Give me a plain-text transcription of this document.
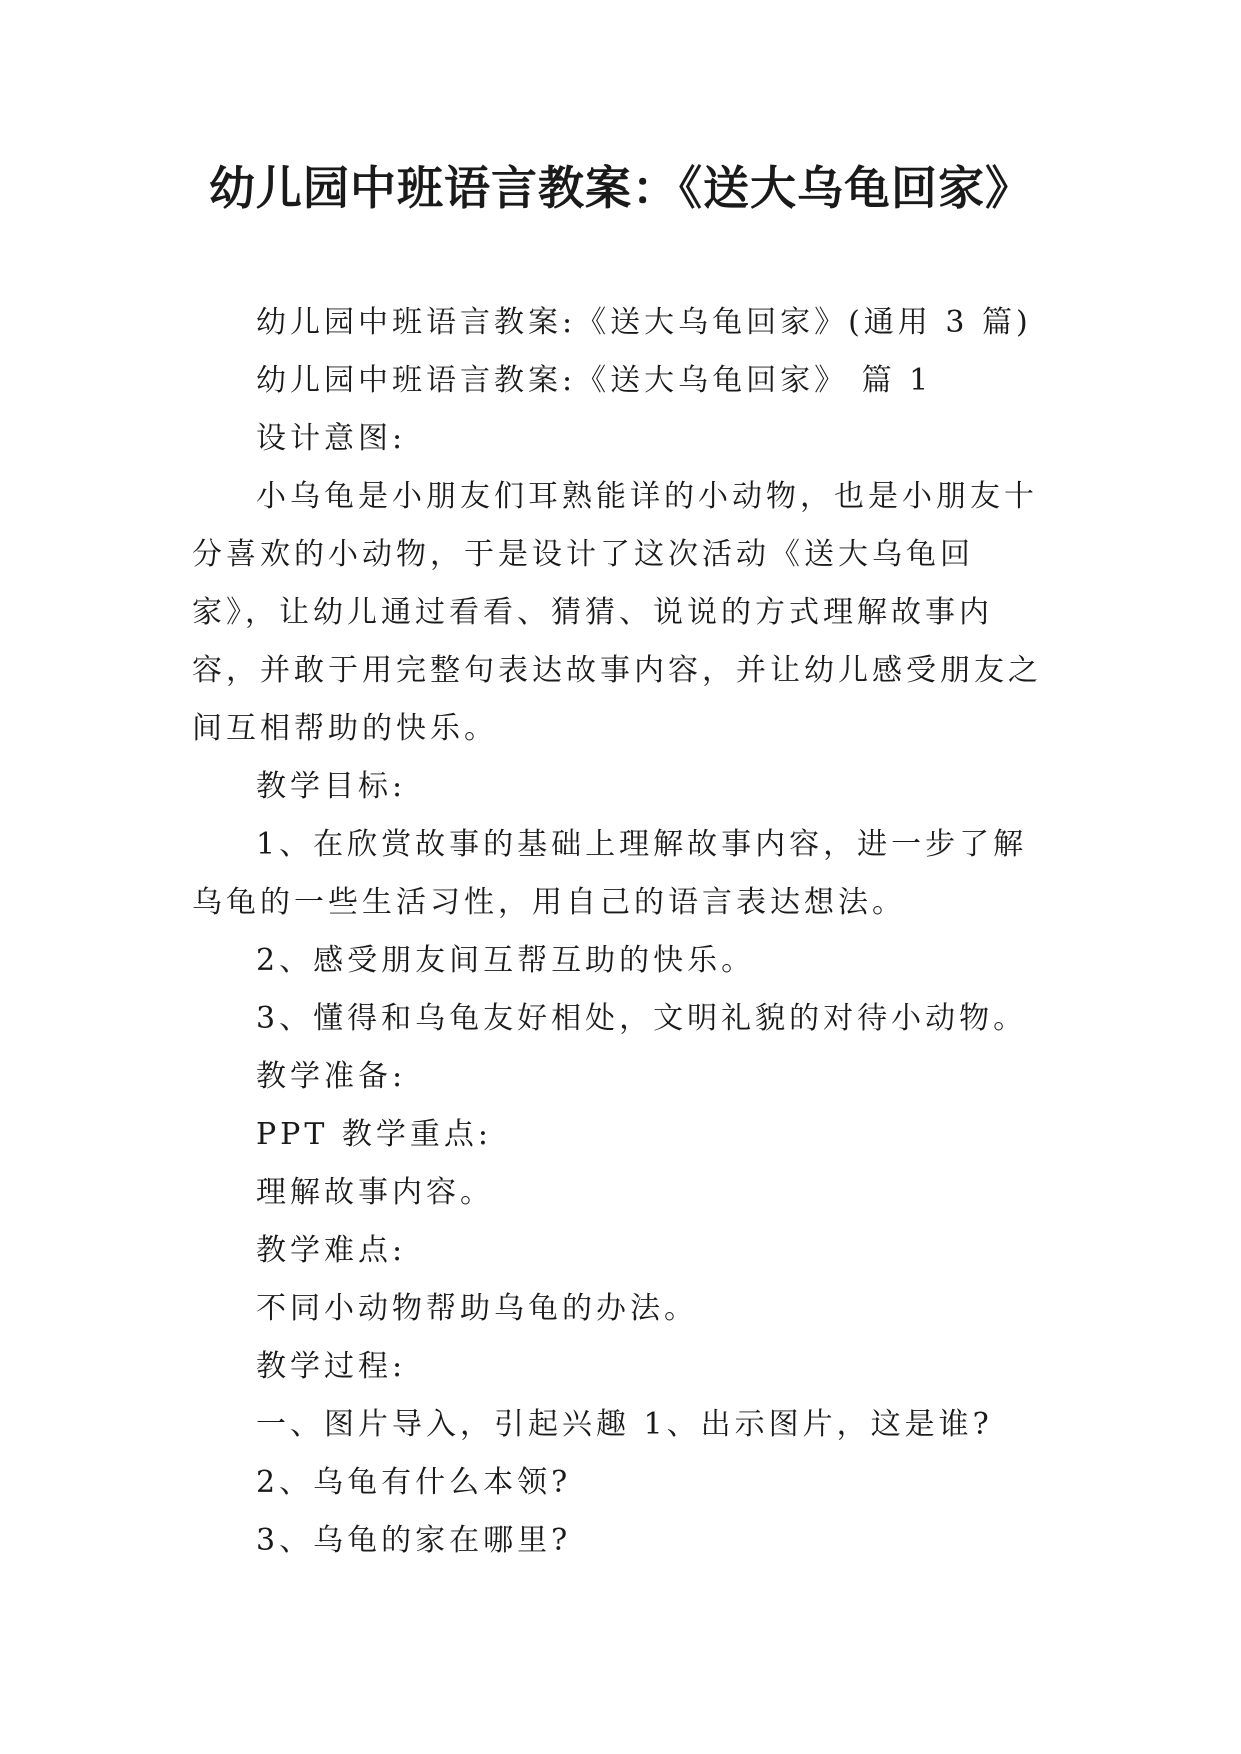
幼儿园中班语言教案：《送大乌龟回家》

幼儿园中班语言教案:《送大乌龟回家》(通用 3 篇)

幼儿园中班语言教案:《送大乌龟回家》 篇 1

设计意图:

小乌龟是小朋友们耳熟能详的小动物，也是小朋友十分喜欢的小动物，于是设计了这次活动《送大乌龟回家》，让幼儿通过看看、猜猜、说说的方式理解故事内容，并敢于用完整句表达故事内容，并让幼儿感受朋友之间互相帮助的快乐。

教学目标:

1、在欣赏故事的基础上理解故事内容，进一步了解乌龟的一些生活习性，用自己的语言表达想法。

2、感受朋友间互帮互助的快乐。

3、懂得和乌龟友好相处，文明礼貌的对待小动物。

教学准备:

PPT 教学重点:

理解故事内容。

教学难点:

不同小动物帮助乌龟的办法。

教学过程:

一、图片导入，引起兴趣 1、出示图片，这是谁?

2、乌龟有什么本领?

3、乌龟的家在哪里?
